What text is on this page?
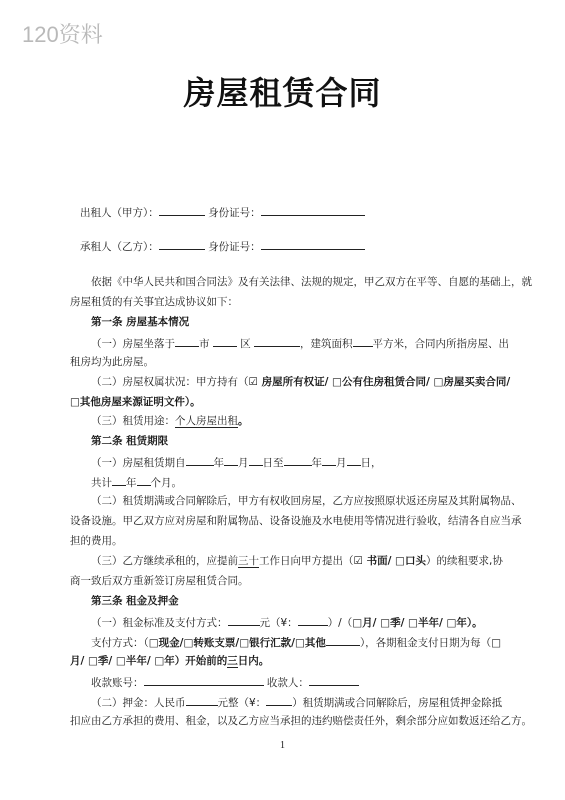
120资料
房屋租赁合同
出租人（甲方）：	身份证号：
承租人（乙方）：	身份证号：
依据《中华人民共和国合同法》及有关法律、法规的规定，甲乙双方在平等、自愿的基础上，就
房屋租赁的有关事宜达成协议如下：
第一条 房屋基本情况
（一）房屋坐落于 市	区	，建筑面积 平方米，合同内所指房屋、出
租房均为此房屋。
（二）房屋权属状况：甲方持有（☑ 房屋所有权证/ □公有住房租赁合同/ □房屋买卖合同/
□其他房屋来源证明文件）。
（三）租赁用途：个人房屋出租。
第二条 租赁期限
（一）房屋租赁期自	年 月 日至	年 月 日，
共计 年 个月。
（二）租赁期满或合同解除后，甲方有权收回房屋，乙方应按照原状返还房屋及其附属物品、
设备设施。甲乙双方应对房屋和附属物品、设备设施及水电使用等情况进行验收，结清各自应当承
担的费用。
（三）乙方继续承租的，应提前三十工作日向甲方提出（☑ 书面/ □口头）的续租要求,协
商一致后双方重新签订房屋租赁合同。
第三条 租金及押金
（一）租金标准及支付方式：	元（¥：	）/（□月/ □季/ □半年/ □年）。
支付方式：（□现金/□转账支票/□银行汇款/□其他	），各期租金支付日期为每（□
月/ □季/ □半年/ □年）开始前的三日内。
收款账号：	收款人：
（二）押金：人民币	元整（¥： ）租赁期满或合同解除后，房屋租赁押金除抵
扣应由乙方承担的费用、租金，以及乙方应当承担的违约赔偿责任外，剩余部分应如数返还给乙方。
1
